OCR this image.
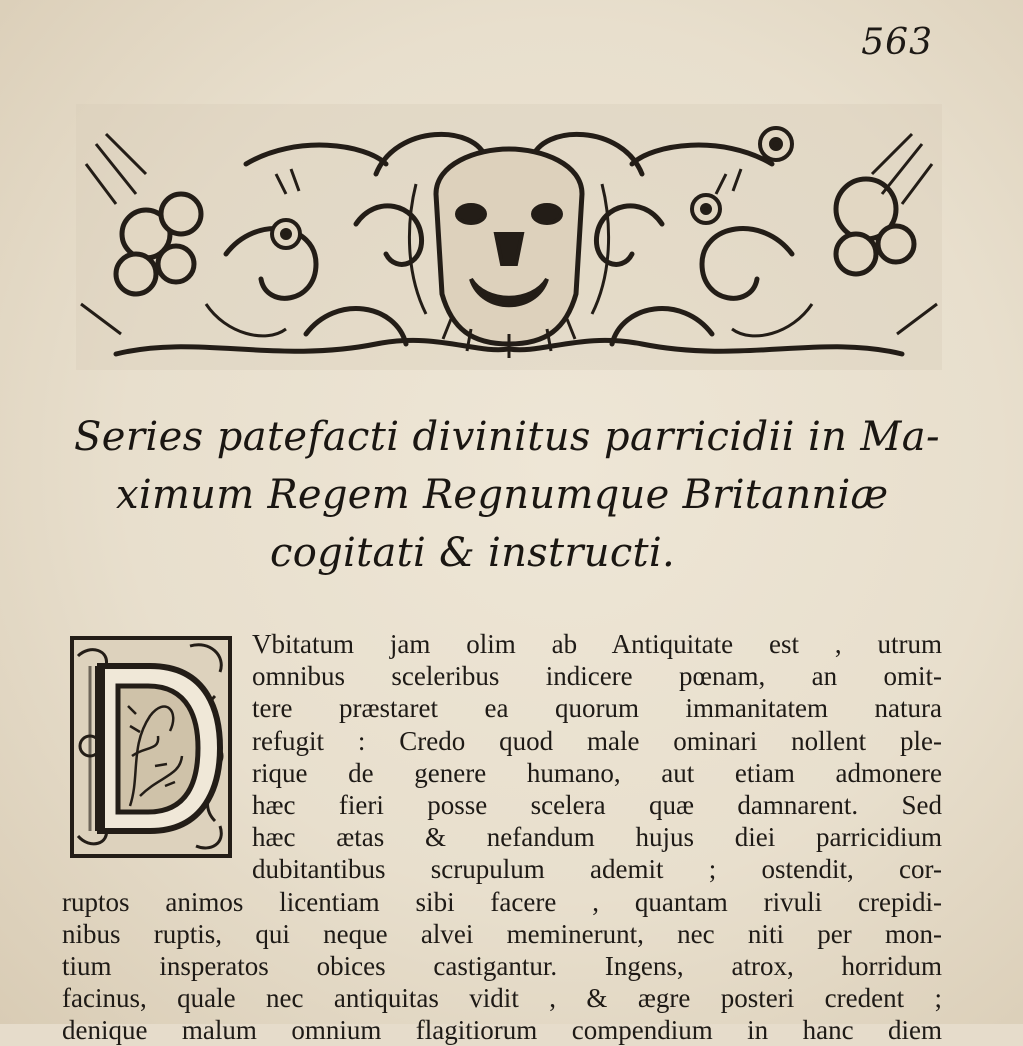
563
Series patefacti divinitus parricidii in Ma-
ximum Regem Regnumque Britanniæ
cogitati & instructi.
Vbitatum jam olim ab Antiquitate est , utrum
omnibus sceleribus indicere pœnam, an omit-
tere præstaret ea quorum immanitatem natura
refugit : Credo quod male ominari nollent ple-
rique de genere humano, aut etiam admonere
hæc fieri posse scelera quæ damnarent. Sed
hæc ætas & nefandum hujus diei parricidium
dubitantibus scrupulum ademit ; ostendit, cor-
ruptos animos licentiam sibi facere , quantam rivuli crepidi-
nibus ruptis, qui neque alvei meminerunt, nec niti per mon-
tium insperatos obices castigantur. Ingens, atrox, horridum
facinus, quale nec antiquitas vidit , & ægre posteri credent ;
denique malum omnium flagitiorum compendium in hanc diem
